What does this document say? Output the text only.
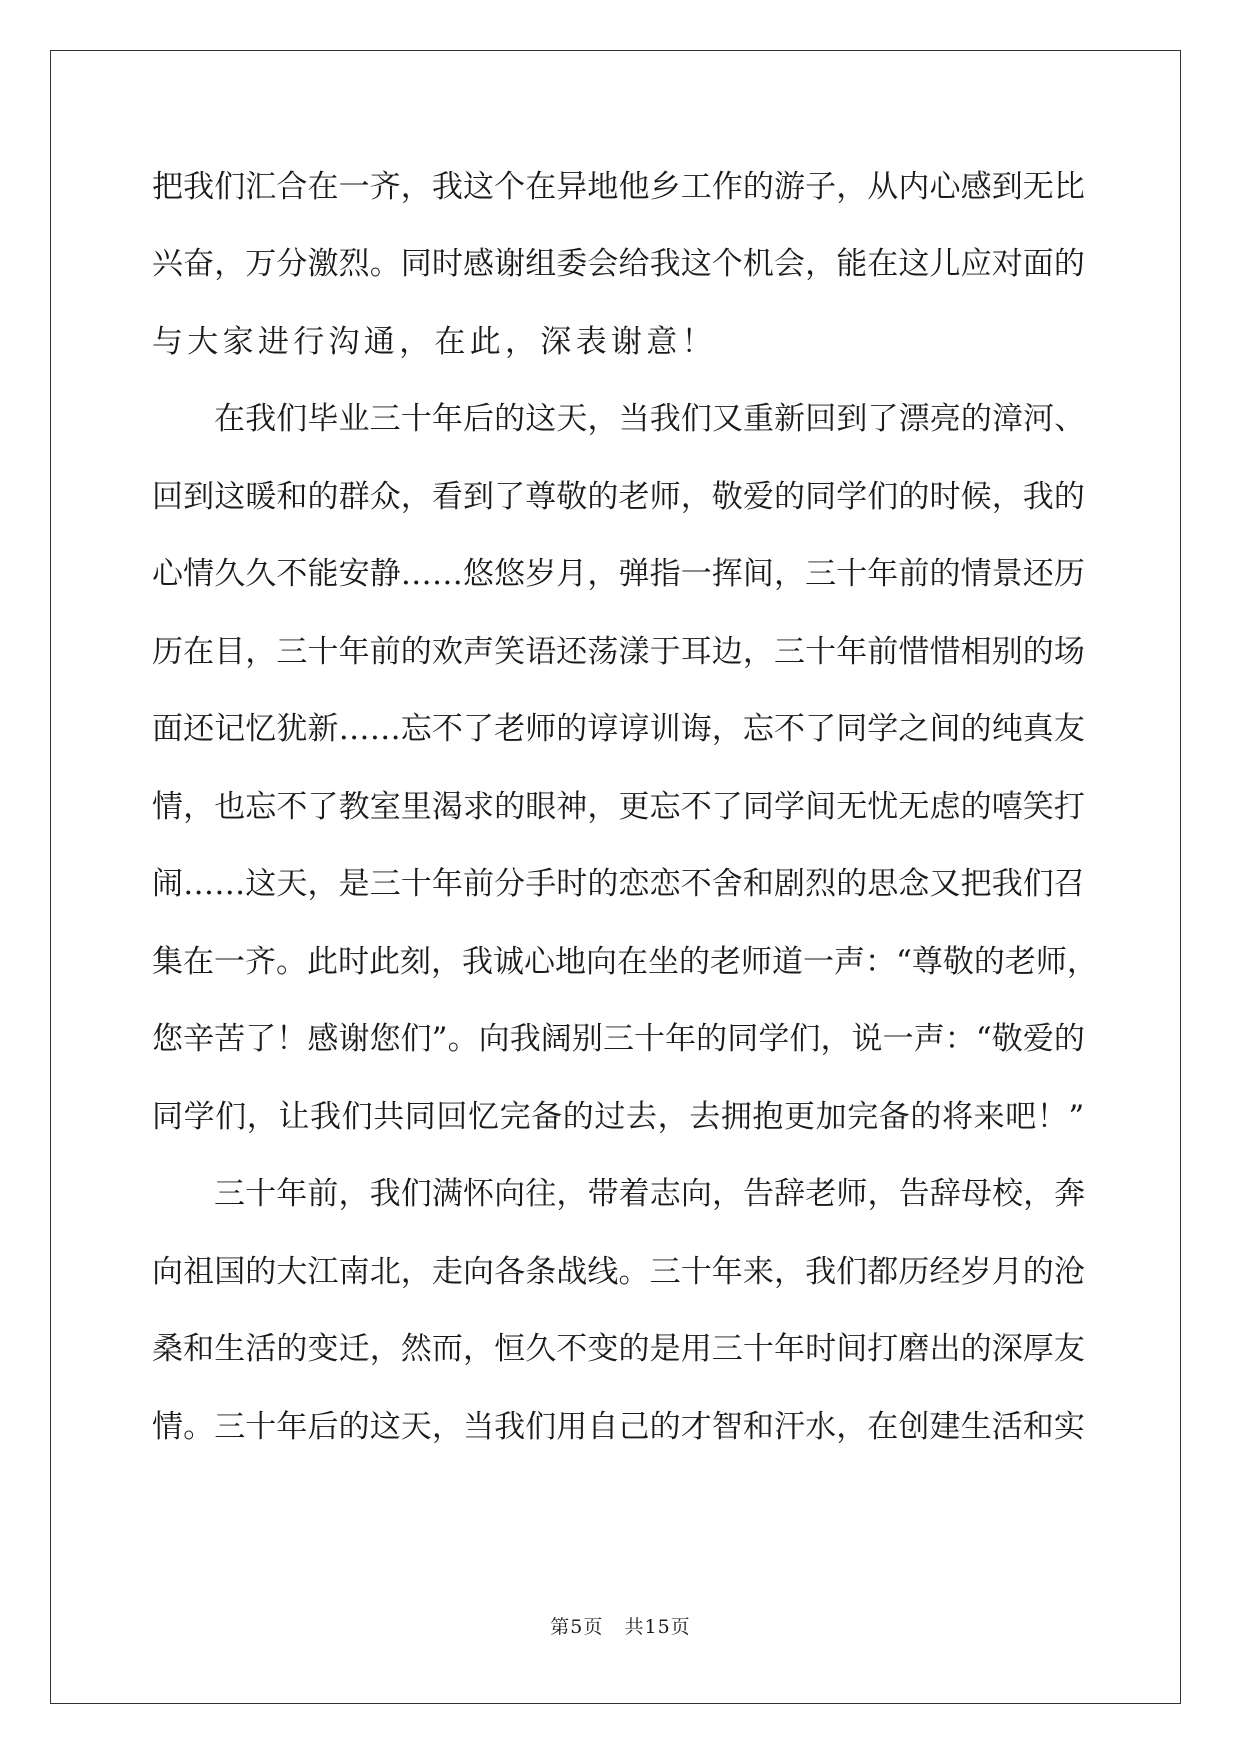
把我们汇合在一齐，我这个在异地他乡工作的游子，从内心感到无比
兴奋，万分激烈。同时感谢组委会给我这个机会，能在这儿应对面的
与大家进行沟通，在此，深表谢意！
在我们毕业三十年后的这天，当我们又重新回到了漂亮的漳河、
回到这暖和的群众，看到了尊敬的老师，敬爱的同学们的时候，我的
心情久久不能安静……悠悠岁月，弹指一挥间，三十年前的情景还历
历在目，三十年前的欢声笑语还荡漾于耳边，三十年前惜惜相别的场
面还记忆犹新……忘不了老师的谆谆训诲，忘不了同学之间的纯真友
情，也忘不了教室里渴求的眼神，更忘不了同学间无忧无虑的嘻笑打
闹……这天，是三十年前分手时的恋恋不舍和剧烈的思念又把我们召
集在一齐。此时此刻，我诚心地向在坐的老师道一声：“尊敬的老师，
您辛苦了！感谢您们”。向我阔别三十年的同学们，说一声：“敬爱的
同学们，让我们共同回忆完备的过去，去拥抱更加完备的将来吧！”
三十年前，我们满怀向往，带着志向，告辞老师，告辞母校，奔
向祖国的大江南北，走向各条战线。三十年来，我们都历经岁月的沧
桑和生活的变迁，然而，恒久不变的是用三十年时间打磨出的深厚友
情。三十年后的这天，当我们用自己的才智和汗水，在创建生活和实
第5页   共15页
